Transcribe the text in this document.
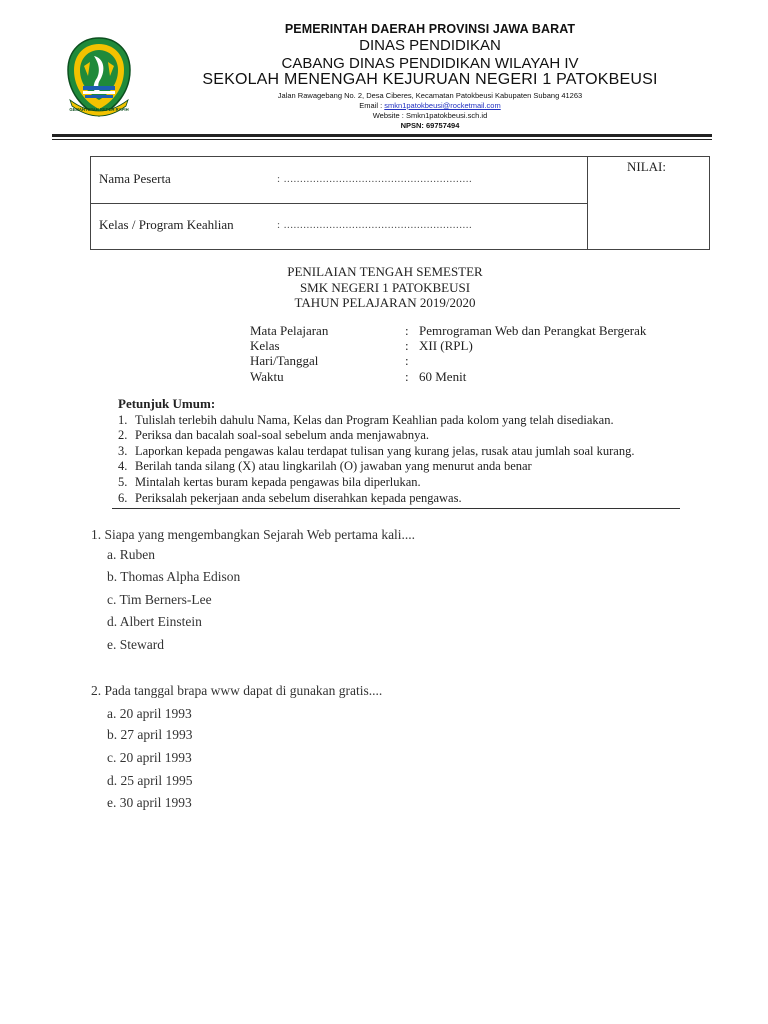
GEMAH RIPAH REPEH RAPIH
PEMERINTAH DAERAH PROVINSI JAWA BARAT
DINAS PENDIDIKAN
CABANG DINAS PENDIDIKAN WILAYAH IV
SEKOLAH MENENGAH KEJURUAN NEGERI 1 PATOKBEUSI
Jalan Rawagebang No. 2, Desa Ciberes, Kecamatan Patokbeusi Kabupaten Subang 41263
Email : smkn1patokbeusi@rocketmail.com
Website : Smkn1patokbeusi.sch.id
NPSN: 69757494
Nama Peserta	: ..........................................................
Kelas / Program Keahlian	: ..........................................................
NILAI:
PENILAIAN TENGAH SEMESTER
SMK NEGERI 1 PATOKBEUSI
TAHUN PELAJARAN 2019/2020
Mata Pelajaran	: Pemrograman Web dan Perangkat Bergerak
Kelas	: XII (RPL)
Hari/Tanggal	:
Waktu	: 60 Menit
Petunjuk Umum:
1. Tulislah terlebih dahulu Nama, Kelas dan Program Keahlian pada kolom yang telah disediakan.
2. Periksa dan bacalah soal-soal sebelum anda menjawabnya.
3. Laporkan kepada pengawas kalau terdapat tulisan yang kurang jelas, rusak atau jumlah soal kurang.
4. Berilah tanda silang (X) atau lingkarilah (O) jawaban yang menurut anda benar
5. Mintalah kertas buram kepada pengawas bila diperlukan.
6. Periksalah pekerjaan anda sebelum diserahkan kepada pengawas.
1. Siapa yang mengembangkan Sejarah Web pertama kali....
a. Ruben
b. Thomas Alpha Edison
c. Tim Berners-Lee
d. Albert Einstein
e. Steward
2. Pada tanggal brapa www dapat di gunakan gratis....
a. 20 april 1993
b. 27 april 1993
c. 20 april 1993
d. 25 april 1995
e. 30 april 1993
